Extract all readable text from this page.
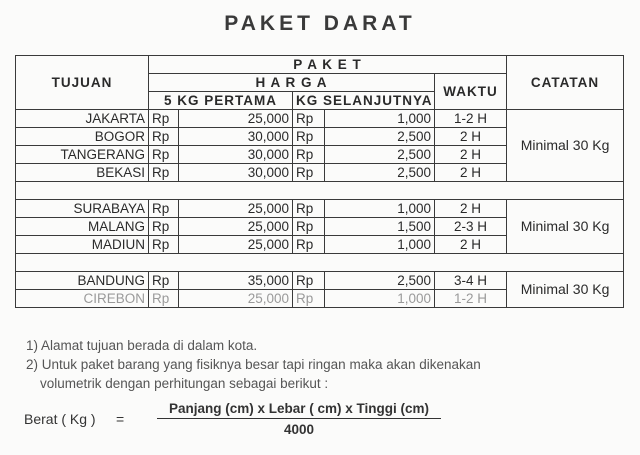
PAKET DARAT
TUJUAN	P A K E T					CATATAN
	H A R G A				WAKTU	
	5 KG PERTAMA		KG SELANJUTNYA			
JAKARTA	Rp	25,000	Rp	1,000	1-2 H	Minimal 30 Kg
BOGOR	Rp	30,000	Rp	2,500	2 H	
TANGERANG	Rp	30,000	Rp	2,500	2 H	
BEKASI	Rp	30,000	Rp	2,500	2 H	

SURABAYA	Rp	25,000	Rp	1,000	2 H	Minimal 30 Kg
MALANG	Rp	25,000	Rp	1,500	2-3 H	
MADIUN	Rp	25,000	Rp	1,000	2 H	

BANDUNG	Rp	35,000	Rp	2,500	3-4 H	Minimal 30 Kg
CIREBON	Rp	25,000	Rp	1,000	1-2 H	
1) Alamat tujuan berada di dalam kota.
2) Untuk paket barang yang fisiknya besar tapi ringan maka akan dikenakan
volumetrik dengan perhitungan sebagai berikut :
Berat ( Kg ) =
Panjang (cm) x Lebar ( cm) x Tinggi (cm)
4000
